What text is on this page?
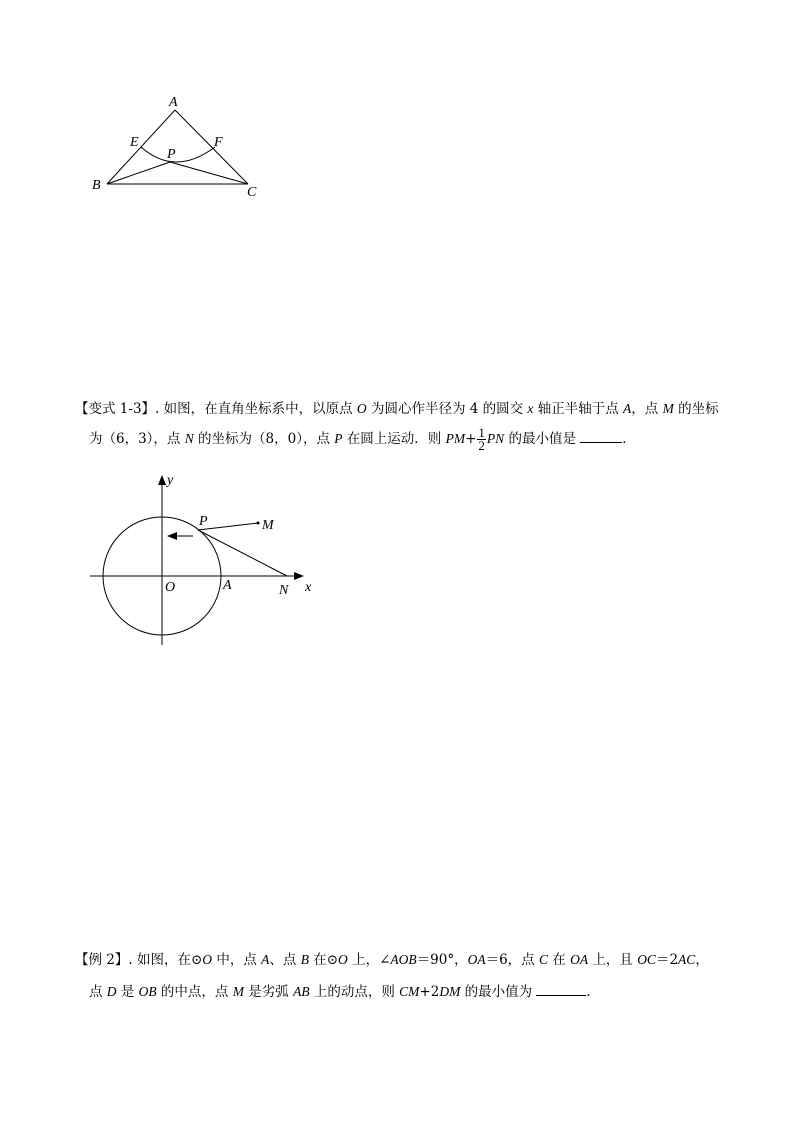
A
E	F
P
B	C
【变式 1-3】. 如图，在直角坐标系中，以原点 O 为圆心作半径为 4 的圆交 x 轴正半轴于点 A，点 M 的坐标
为（6，3），点 N 的坐标为（8，0），点 P 在圆上运动．则 $PM+ \frac{1}{2}$ PN 的最小值是	．
y
x
O	A	N
P	M
【例 2】. 如图，在⊙O 中，点 A、点 B 在⊙O 上，∠AOB＝90°，OA＝6，点 C 在 OA 上，且 OC＝2AC，
点 D 是 OB 的中点，点 M 是劣弧 AB 上的动点，则 CM+2DM 的最小值为	．
